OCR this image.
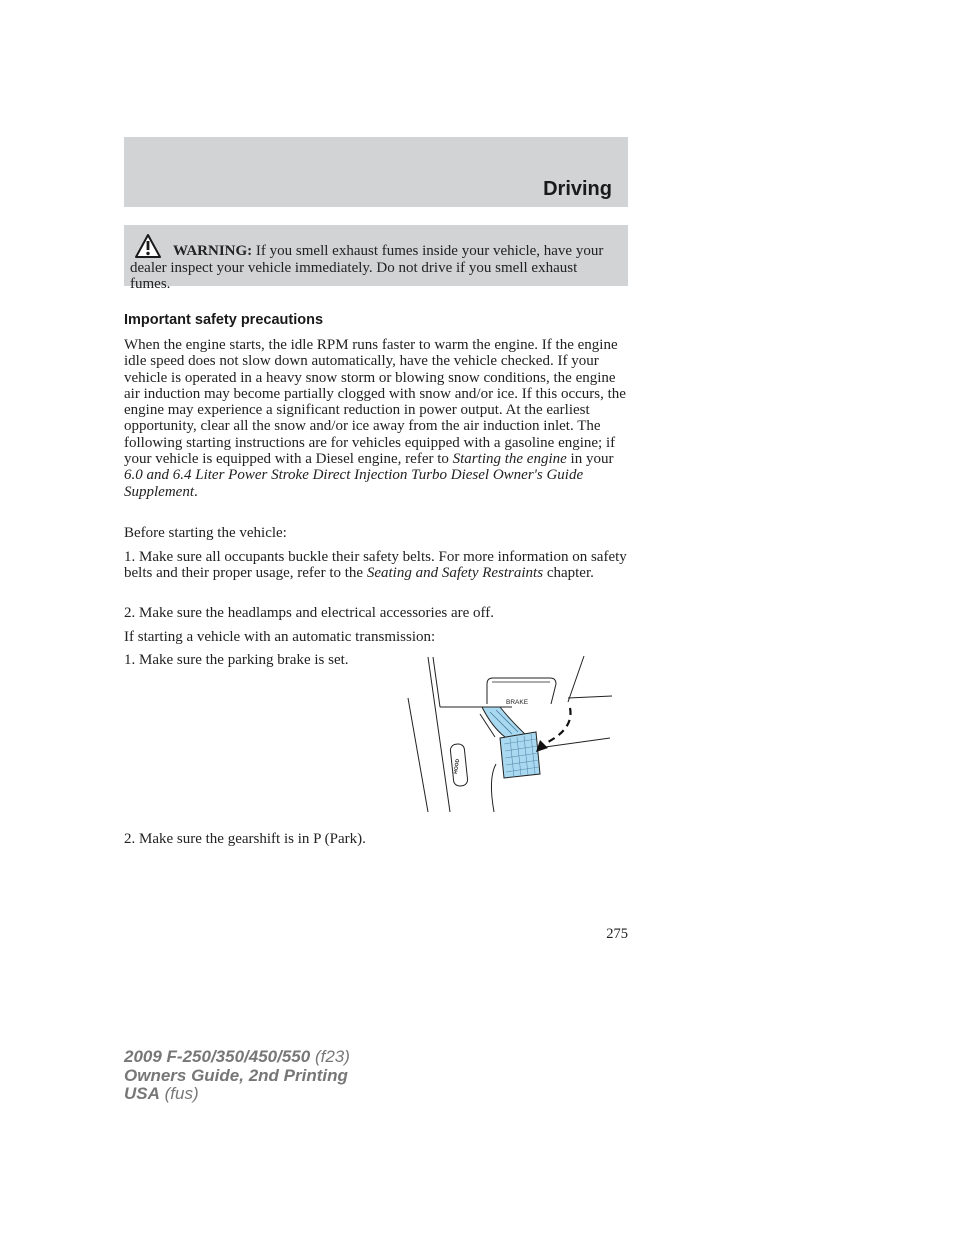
Driving

WARNING: If you smell exhaust fumes inside your vehicle, have your dealer inspect your vehicle immediately. Do not drive if you smell exhaust fumes.

Important safety precautions

When the engine starts, the idle RPM runs faster to warm the engine. If the engine idle speed does not slow down automatically, have the vehicle checked. If your vehicle is operated in a heavy snow storm or blowing snow conditions, the engine air induction may become partially clogged with snow and/or ice. If this occurs, the engine may experience a significant reduction in power output. At the earliest opportunity, clear all the snow and/or ice away from the air induction inlet. The following starting instructions are for vehicles equipped with a gasoline engine; if your vehicle is equipped with a Diesel engine, refer to Starting the engine in your 6.0 and 6.4 Liter Power Stroke Direct Injection Turbo Diesel Owner's Guide Supplement.

Before starting the vehicle:

1. Make sure all occupants buckle their safety belts. For more information on safety belts and their proper usage, refer to the Seating and Safety Restraints chapter.

2. Make sure the headlamps and electrical accessories are off.

If starting a vehicle with an automatic transmission:

1. Make sure the parking brake is set.

HOOD
BRAKE

2. Make sure the gearshift is in P (Park).

275
2009 F-250/350/450/550 (f23)
Owners Guide, 2nd Printing
USA (fus)
